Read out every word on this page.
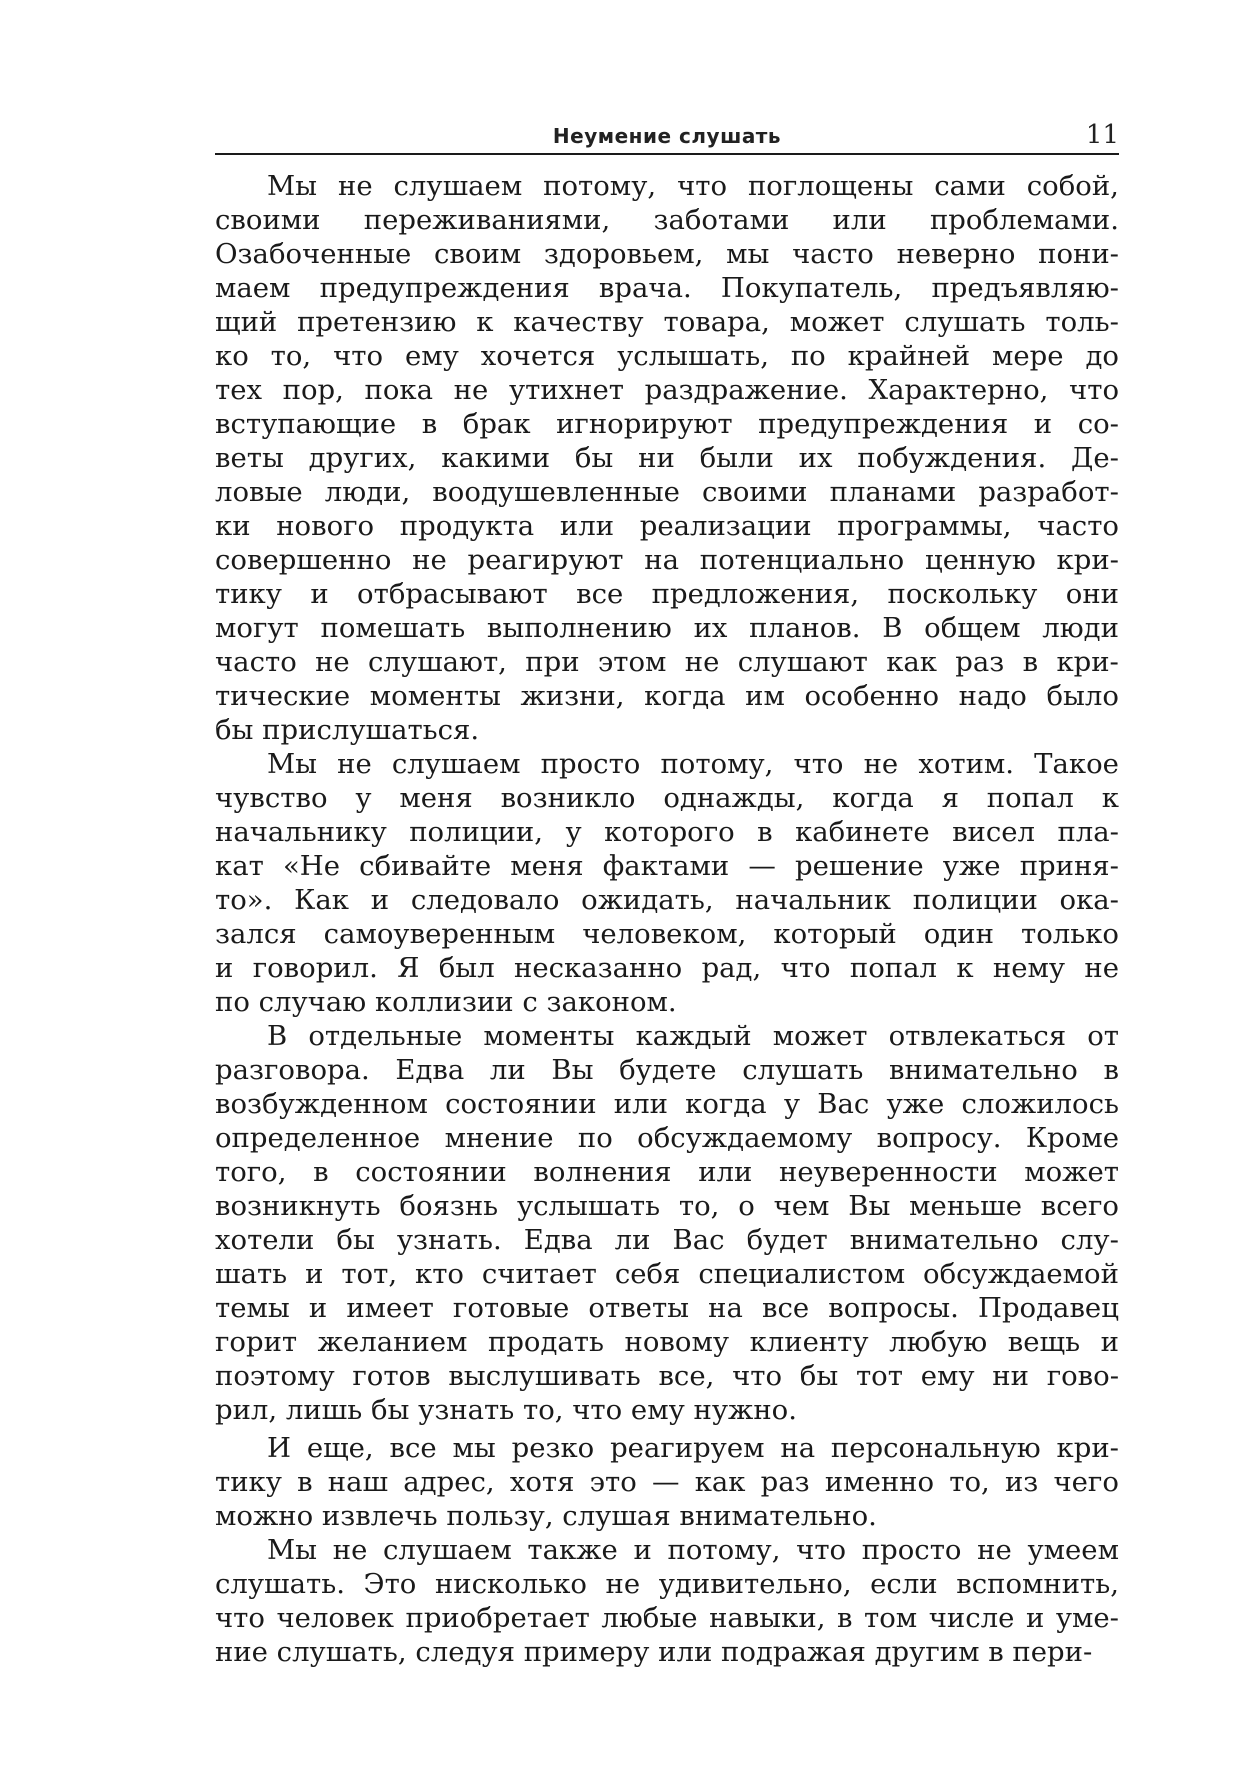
Неумение слушать	11
Мы не слушаем потому, что поглощены сами собой,
своими переживаниями, заботами или проблемами.
Озабоченные своим здоровьем, мы часто неверно пони-
маем предупреждения врача. Покупатель, предъявляю-
щий претензию к качеству товара, может слушать толь-
ко то, что ему хочется услышать, по крайней мере до
тех пор, пока не утихнет раздражение. Характерно, что
вступающие в брак игнорируют предупреждения и со-
веты других, какими бы ни были их побуждения. Де-
ловые люди, воодушевленные своими планами разработ-
ки нового продукта или реализации программы, часто
совершенно не реагируют на потенциально ценную кри-
тику и отбрасывают все предложения, поскольку они
могут помешать выполнению их планов. В общем люди
часто не слушают, при этом не слушают как раз в кри-
тические моменты жизни, когда им особенно надо было
бы прислушаться.
Мы не слушаем просто потому, что не хотим. Такое
чувство у меня возникло однажды, когда я попал к
начальнику полиции, у которого в кабинете висел пла-
кат «Не сбивайте меня фактами — решение уже приня-
то». Как и следовало ожидать, начальник полиции ока-
зался самоуверенным человеком, который один только
и говорил. Я был несказанно рад, что попал к нему не
по случаю коллизии с законом.
В отдельные моменты каждый может отвлекаться от
разговора. Едва ли Вы будете слушать внимательно в
возбужденном состоянии или когда у Вас уже сложилось
определенное мнение по обсуждаемому вопросу. Кроме
того, в состоянии волнения или неуверенности может
возникнуть боязнь услышать то, о чем Вы меньше всего
хотели бы узнать. Едва ли Вас будет внимательно слу-
шать и тот, кто считает себя специалистом обсуждаемой
темы и имеет готовые ответы на все вопросы. Продавец
горит желанием продать новому клиенту любую вещь и
поэтому готов выслушивать все, что бы тот ему ни гово-
рил, лишь бы узнать то, что ему нужно.
И еще, все мы резко реагируем на персональную кри-
тику в наш адрес, хотя это — как раз именно то, из чего
можно извлечь пользу, слушая внимательно.
Мы не слушаем также и потому, что просто не умеем
слушать. Это нисколько не удивительно, если вспомнить,
что человек приобретает любые навыки, в том числе и уме-
ние слушать, следуя примеру или подражая другим в пери-
